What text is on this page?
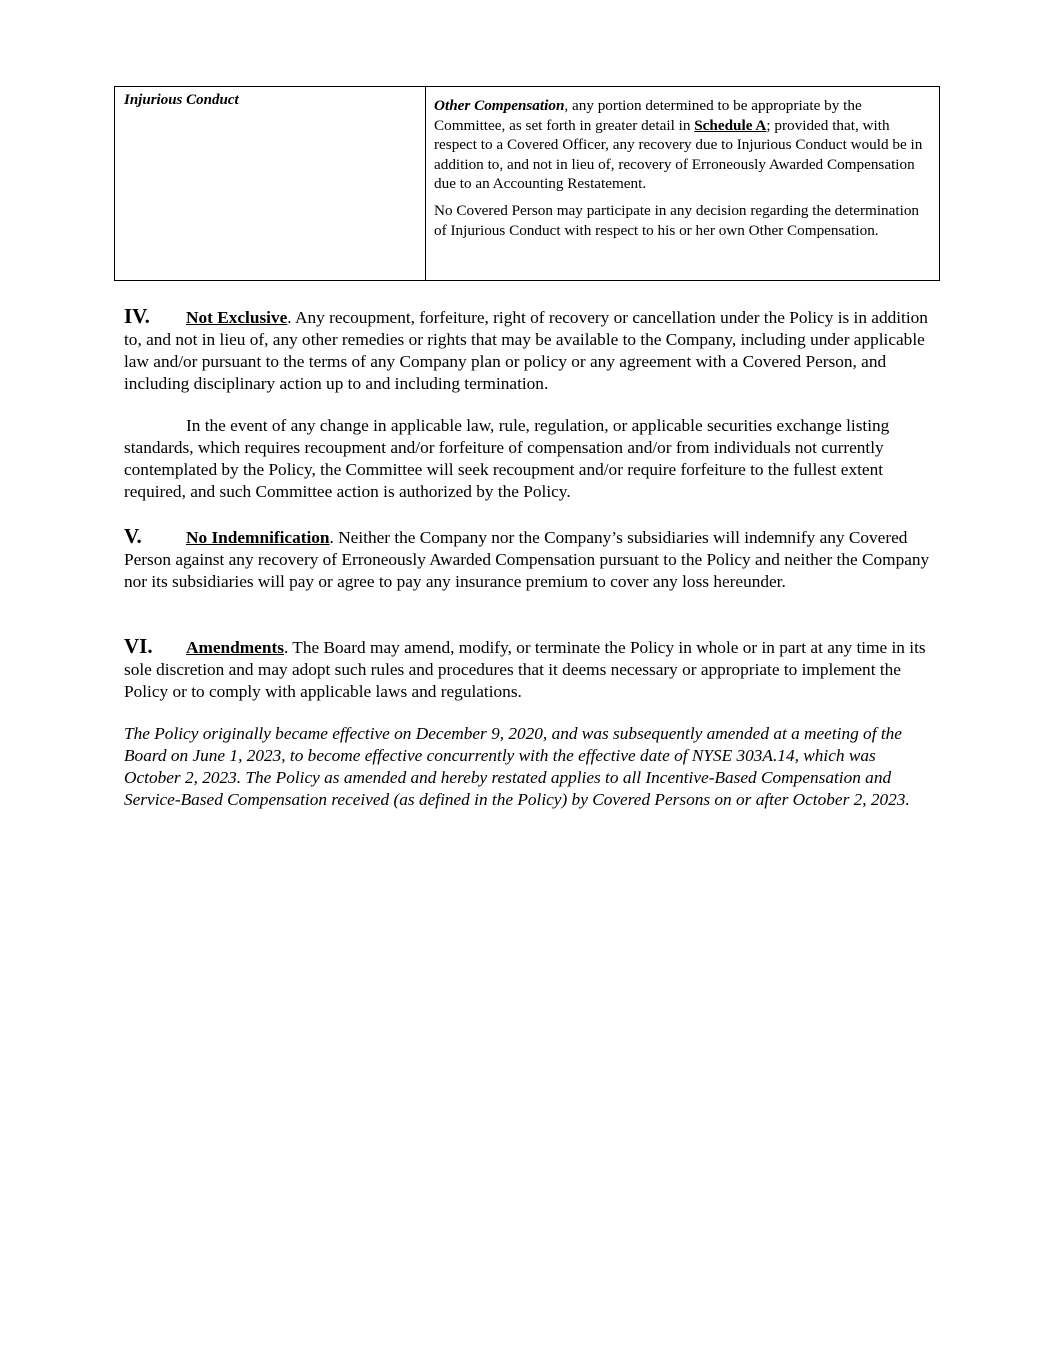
Injurious Conduct	Other Compensation, any portion determined to be appropriate by the Committee, as set forth in greater detail in Schedule A; provided that, with respect to a Covered Officer, any recovery due to Injurious Conduct would be in addition to, and not in lieu of, recovery of Erroneously Awarded Compensation due to an Accounting Restatement.

No Covered Person may participate in any decision regarding the determination of Injurious Conduct with respect to his or her own Other Compensation.

IV. Not Exclusive. Any recoupment, forfeiture, right of recovery or cancellation under the Policy is in addition to, and not in lieu of, any other remedies or rights that may be available to the Company, including under applicable law and/or pursuant to the terms of any Company plan or policy or any agreement with a Covered Person, and including disciplinary action up to and including termination.

In the event of any change in applicable law, rule, regulation, or applicable securities exchange listing standards, which requires recoupment and/or forfeiture of compensation and/or from individuals not currently contemplated by the Policy, the Committee will seek recoupment and/or require forfeiture to the fullest extent required, and such Committee action is authorized by the Policy.

V.	No Indemnification. Neither the Company nor the Company’s subsidiaries will indemnify any Covered Person against any recovery of Erroneously Awarded Compensation pursuant to the Policy and neither the Company nor its subsidiaries will pay or agree to pay any insurance premium to cover any loss hereunder.

VI. Amendments. The Board may amend, modify, or terminate the Policy in whole or in part at any time in its sole discretion and may adopt such rules and procedures that it deems necessary or appropriate to implement the Policy or to comply with applicable laws and regulations.

The Policy originally became effective on December 9, 2020, and was subsequently amended at a meeting of the Board on June 1, 2023, to become effective concurrently with the effective date of NYSE 303A.14, which was October 2, 2023. The Policy as amended and hereby restated applies to all Incentive-Based Compensation and Service-Based Compensation received (as defined in the Policy) by Covered Persons on or after October 2, 2023.
